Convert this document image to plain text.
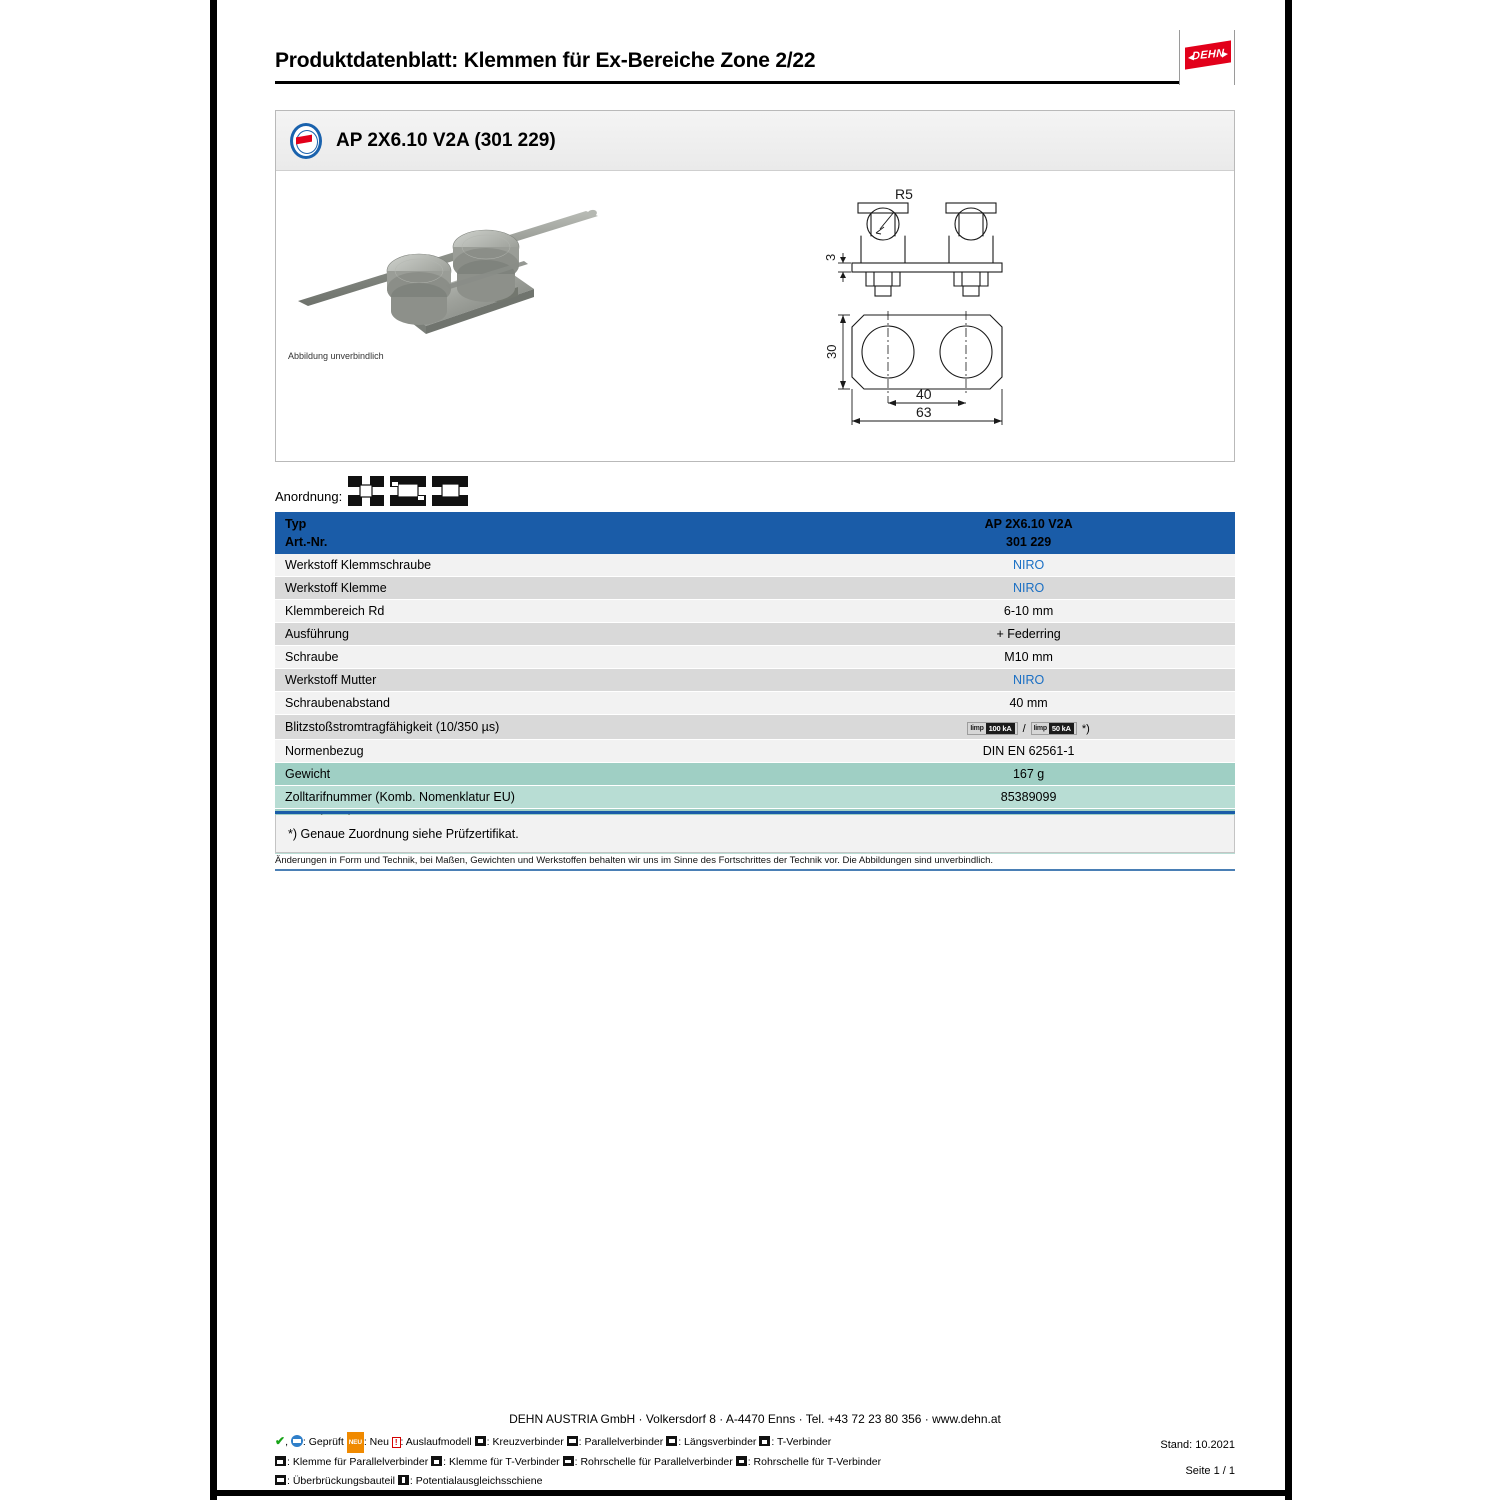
Produktdatenblatt: Klemmen für Ex-Bereiche Zone 2/22	DEHN
AP 2X6.10 V2A (301 229)
Abbildung unverbindlich
R5
3
30
40
63
Anordnung:
Typ	AP 2X6.10 V2A
Art.-Nr.	301 229
Werkstoff Klemmschraube	NIRO
Werkstoff Klemme	NIRO
Klemmbereich Rd	6-10 mm
Ausführung	+ Federring
Schraube	M10 mm
Werkstoff Mutter	NIRO
Schraubenabstand	40 mm
Blitzstoßstromtragfähigkeit (10/350 µs)	Iimp 100 kA / Iimp 50 kA *)

Normenbezug	DIN EN 62561-1
Gewicht	167 g
Zolltarifnummer (Komb. Nomenklatur EU)	85389099

*) Genaue Zuordnung siehe Prüfzertifikat.
Änderungen in Form und Technik, bei Maßen, Gewichten und Werkstoffen behalten wir uns im Sinne des Fortschrittes der Technik vor. Die Abbildungen sind unverbindlich.
DEHN AUSTRIA GmbH · Volkersdorf 8 · A-4470 Enns · Tel. +43 72 23 80 356 · www.dehn.at
Stand: 10.2021
Seite 1 / 1
✔, : Geprüft NEU : Neu ! : Auslaufmodell : Kreuzverbinder : Parallelverbinder : Längsverbinder : T-Verbinder
: Klemme für Parallelverbinder : Klemme für T-Verbinder : Rohrschelle für Parallelverbinder : Rohrschelle für T-Verbinder
: Überbrückungsbauteil : Potentialausgleichsschiene
